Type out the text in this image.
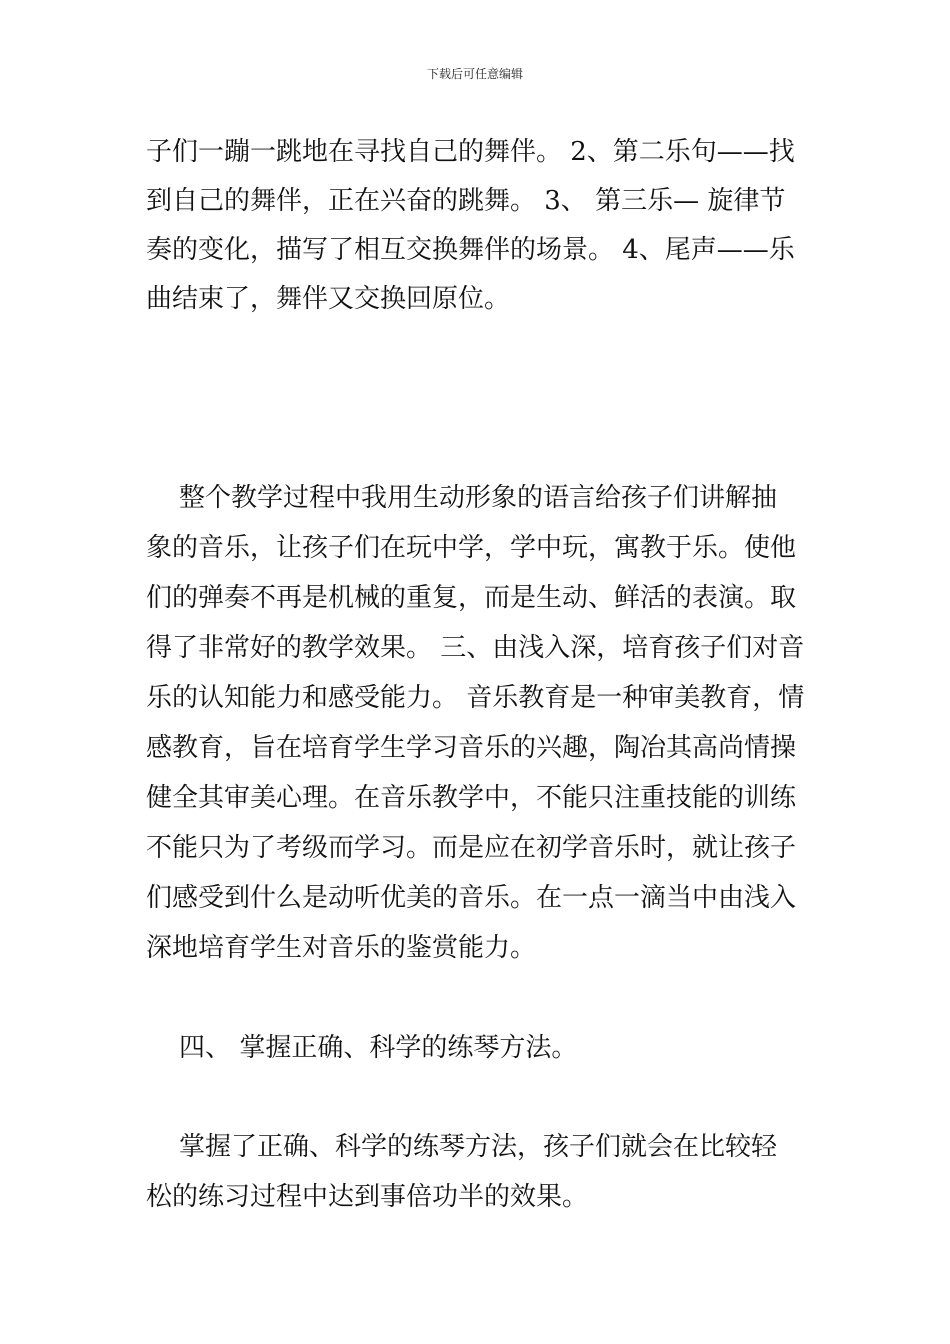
下载后可任意编辑
子们一蹦一跳地在寻找自己的舞伴。 2、第二乐句——找
到自己的舞伴，正在兴奋的跳舞。 3、 第三乐— 旋律节
奏的变化，描写了相互交换舞伴的场景。 4、尾声——乐
曲结束了，舞伴又交换回原位。
整个教学过程中我用生动形象的语言给孩子们讲解抽
象的音乐，让孩子们在玩中学，学中玩，寓教于乐。使他
们的弹奏不再是机械的重复，而是生动、鲜活的表演。取
得了非常好的教学效果。 三、由浅入深，培育孩子们对音
乐的认知能力和感受能力。 音乐教育是一种审美教育，情
感教育，旨在培育学生学习音乐的兴趣，陶冶其高尚情操
健全其审美心理。在音乐教学中，不能只注重技能的训练
不能只为了考级而学习。而是应在初学音乐时，就让孩子
们感受到什么是动听优美的音乐。在一点一滴当中由浅入
深地培育学生对音乐的鉴赏能力。
四、 掌握正确、科学的练琴方法。
掌握了正确、科学的练琴方法，孩子们就会在比较轻
松的练习过程中达到事倍功半的效果。
